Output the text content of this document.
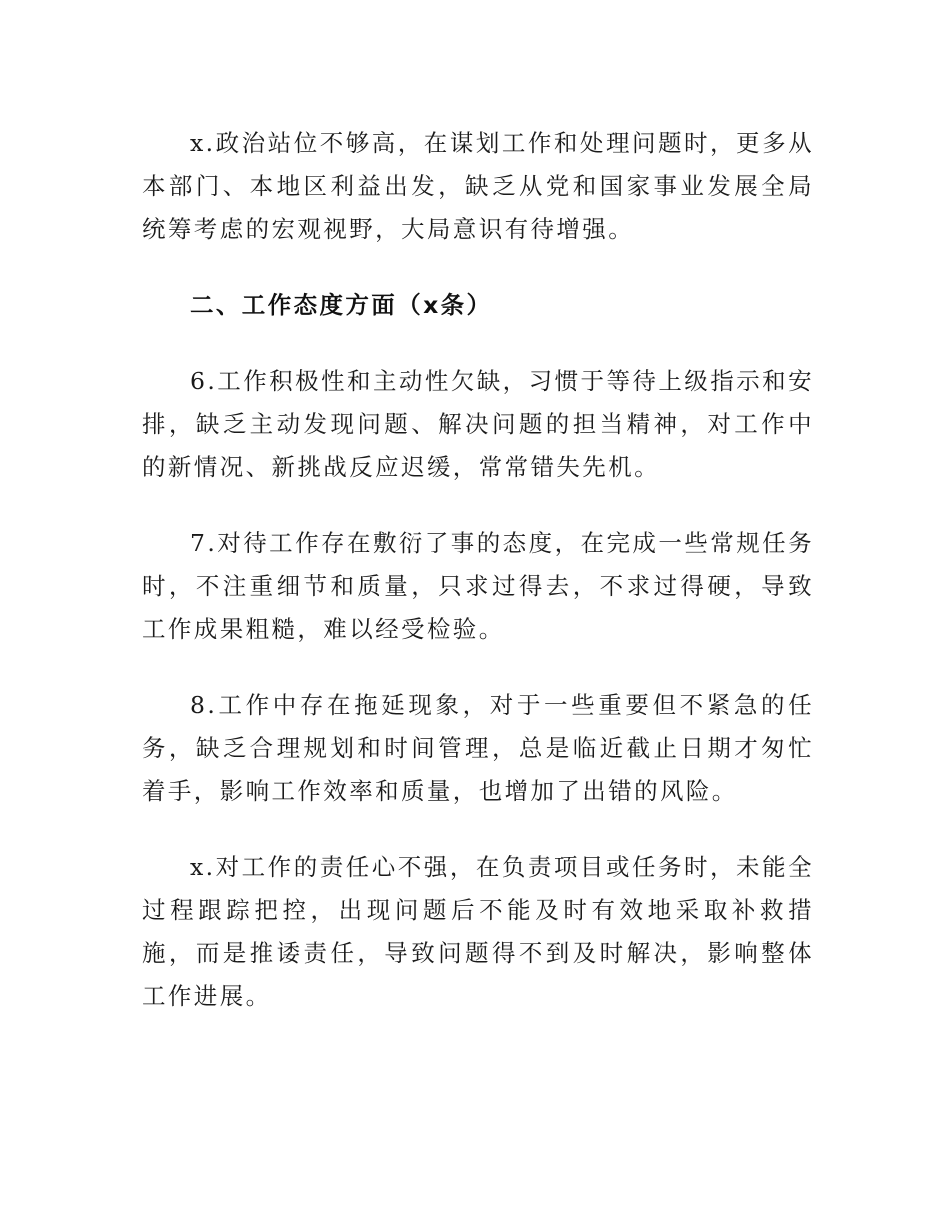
x.政治站位不够高，在谋划工作和处理问题时，更多从本部门、本地区利益出发，缺乏从党和国家事业发展全局统筹考虑的宏观视野，大局意识有待增强。

二、工作态度方面（x条）

6.工作积极性和主动性欠缺，习惯于等待上级指示和安排，缺乏主动发现问题、解决问题的担当精神，对工作中的新情况、新挑战反应迟缓，常常错失先机。

7.对待工作存在敷衍了事的态度，在完成一些常规任务时，不注重细节和质量，只求过得去，不求过得硬，导致工作成果粗糙，难以经受检验。

8.工作中存在拖延现象，对于一些重要但不紧急的任务，缺乏合理规划和时间管理，总是临近截止日期才匆忙着手，影响工作效率和质量，也增加了出错的风险。

x.对工作的责任心不强，在负责项目或任务时，未能全过程跟踪把控，出现问题后不能及时有效地采取补救措施，而是推诿责任，导致问题得不到及时解决，影响整体工作进展。
